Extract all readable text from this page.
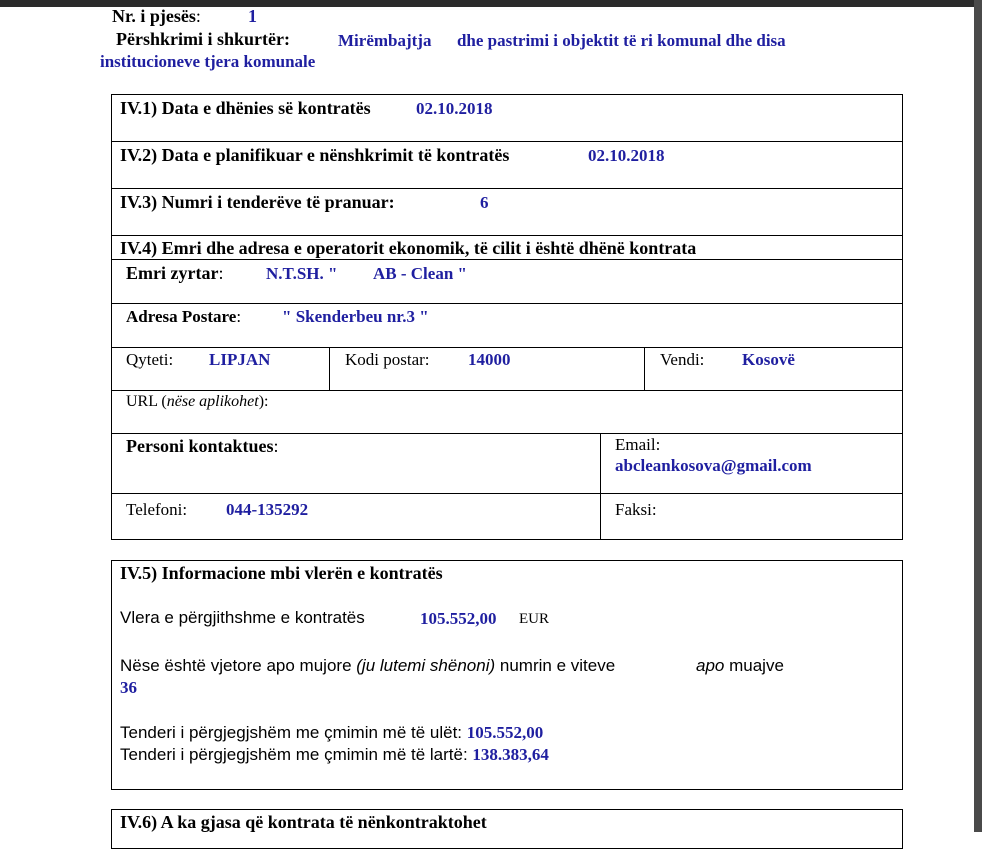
Nr. i pjesës:	1
Përshkrimi i shkurtër:	Mirëmbajtja      dhe pastrimi i objektit të ri komunal dhe disa
institucioneve tjera komunale
IV.1) Data e dhënies së kontratës	02.10.2018
IV.2) Data e planifikuar e nënshkrimit të kontratës	02.10.2018
IV.3) Numri i tenderëve të pranuar:	6
IV.4) Emri dhe adresa e operatorit ekonomik, të cilit i është dhënë kontrata
Emri zyrtar:	N.T.SH. " AB - Clean "
Adresa Postare: " Skenderbeu nr.3 "
Qyteti: LIPJAN	Kodi postar: 14000	Vendi: Kosovë
URL (nëse aplikohet):
Personi kontaktues:	Email:
abcleankosova@gmail.com
Telefoni: 044-135292	Faksi:
IV.5) Informacione mbi vlerën e kontratës
Vlera e përgjithshme e kontratës	105.552,00 EUR
Nëse është vjetore apo mujore (ju lutemi shënoni) numrin e viteve	apo muajve
36
Tenderi i përgjegjshëm me çmimin më të ulët: 105.552,00
Tenderi i përgjegjshëm me çmimin më të lartë: 138.383,64
IV.6) A ka gjasa që kontrata të nënkontraktohet
